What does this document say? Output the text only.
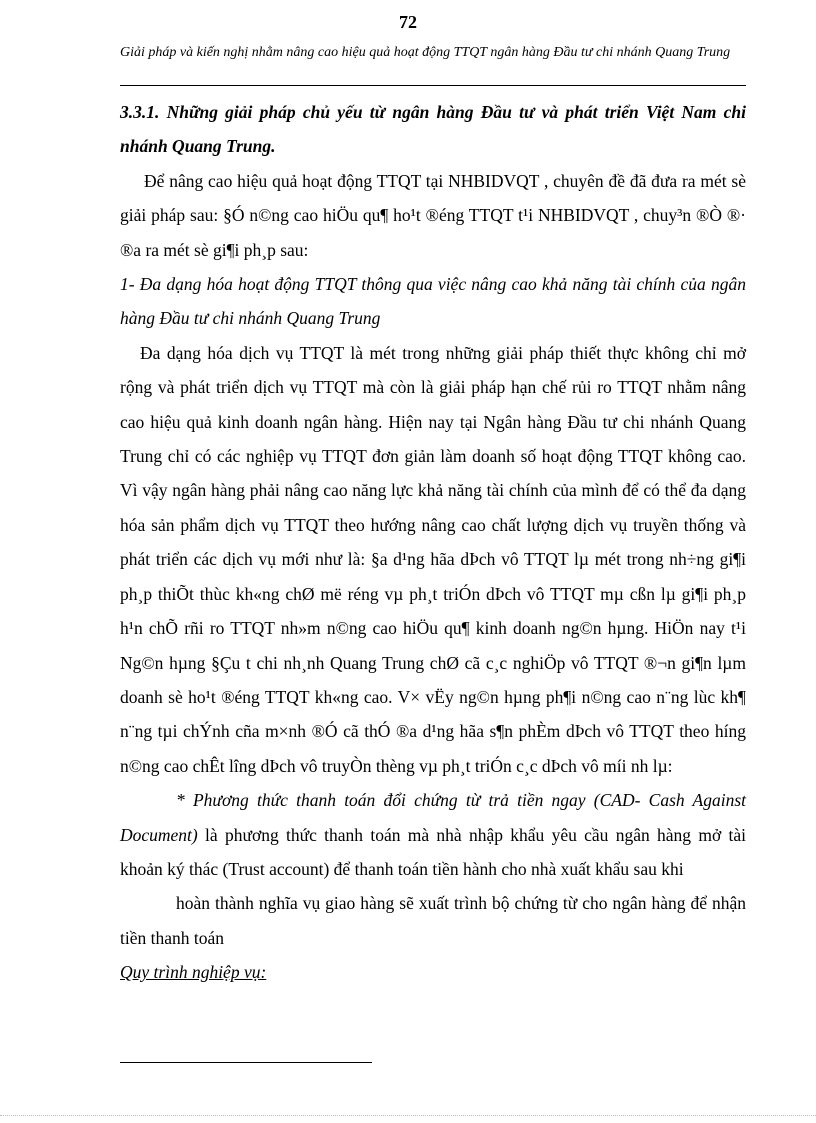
72
Giải pháp và kiến nghị nhằm nâng cao hiệu quả hoạt động TTQT ngân hàng Đầu tư chi nhánh Quang Trung

3.3.1. Những giải pháp chủ yếu từ ngân hàng Đầu tư và phát triển Việt Nam chi nhánh Quang Trung.

Để nâng cao hiệu quả hoạt động TTQT tại NHBIDVQT , chuyên đề đã đưa ra mét sè giải pháp sau: §Ó n©ng cao hiÖu qu¶ ho¹t ®éng TTQT t¹i NHBIDVQT , chuy³n ®Ò ®· ®a ra mét sè gi¶i ph¸p sau:

1- Đa dạng hóa hoạt động TTQT thông qua việc nâng cao khả năng tài chính của ngân hàng Đầu tư chi nhánh Quang Trung

Đa dạng hóa dịch vụ TTQT là mét trong những giải pháp thiết thực không chỉ mở rộng và phát triển dịch vụ TTQT mà còn là giải pháp hạn chế rủi ro TTQT nhằm nâng cao hiệu quả kinh doanh ngân hàng. Hiện nay tại Ngân hàng Đầu tư chi nhánh Quang Trung chỉ có các nghiệp vụ TTQT đơn giản làm doanh số hoạt động TTQT không cao. Vì vậy ngân hàng phải nâng cao năng lực khả năng tài chính của mình để có thể đa dạng hóa sản phẩm dịch vụ TTQT theo hướng nâng cao chất lượng dịch vụ truyền thống và phát triển các dịch vụ mới như là: §a d¹ng hãa dÞch vô TTQT lµ mét trong nh÷ng gi¶i ph¸p thiÕt thùc kh«ng chØ më réng vµ ph¸t triÓn dÞch vô TTQT mµ cßn lµ gi¶i ph¸p h¹n chÕ rñi ro TTQT nh»m n©ng cao hiÖu qu¶ kinh doanh ng©n hµng. HiÖn nay t¹i Ng©n hµng §Çu t chi nh¸nh Quang Trung chØ cã c¸c nghiÖp vô TTQT ®¬n gi¶n lµm doanh sè ho¹t ®éng TTQT kh«ng cao. V× vËy ng©n hµng ph¶i n©ng cao n¨ng lùc kh¶ n¨ng tµi chÝnh cña m×nh ®Ó cã thÓ ®a d¹ng hãa s¶n phÈm dÞch vô TTQT theo híng n©ng cao chÊt lîng dÞch vô truyÒn thèng vµ ph¸t triÓn c¸c dÞch vô míi nh lµ:

* Phương thức thanh toán đổi chứng từ trả tiền ngay (CAD- Cash Against Document) là phương thức thanh toán mà nhà nhập khẩu yêu cầu ngân hàng mở tài khoản ký thác (Trust account) để thanh toán tiền hành cho nhà xuất khẩu sau khi

hoàn thành nghĩa vụ giao hàng sẽ xuất trình bộ chứng từ cho ngân hàng để nhận tiền thanh toán

Quy trình nghiệp vụ:
